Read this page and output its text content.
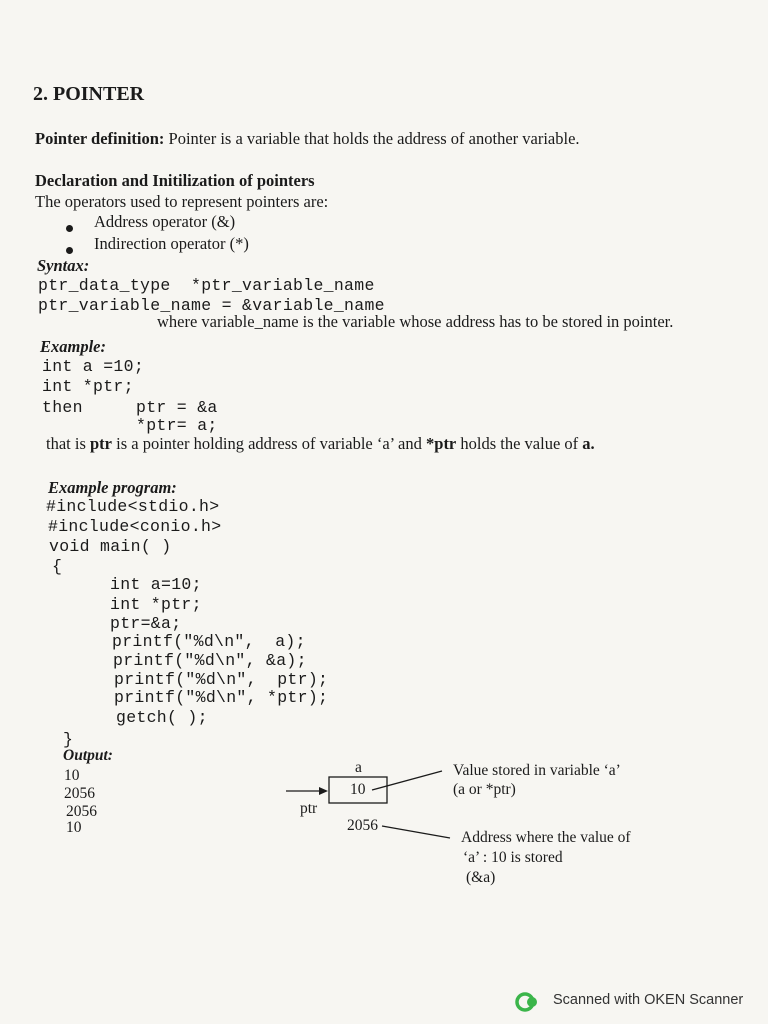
2. POINTER
Pointer definition: Pointer is a variable that holds the address of another variable.
Declaration and Initilization of pointers
The operators used to represent pointers are:
Address operator (&)
Indirection operator (*)
Syntax:
ptr_data_type  *ptr_variable_name
ptr_variable_name = &variable_name
where variable_name is the variable whose address has to be stored in pointer.
Example:
int a =10;
int *ptr;
then	ptr = &a
*ptr= a;
that is ptr is a pointer holding address of variable ‘a’ and *ptr holds the value of a.
Example program:
#include<stdio.h>
#include<conio.h>
void main( )
{
int a=10;
int *ptr;
ptr=&a;
printf("%d\n",  a);
printf("%d\n", &a);
printf("%d\n",  ptr);
printf("%d\n", *ptr);
getch( );
}
Output:
10
2056
2056
10
a
10
ptr
2056
Value stored in variable ‘a’
(a or *ptr)
Address where the value of
‘a’ : 10 is stored
(&a)
Scanned with OKEN Scanner
